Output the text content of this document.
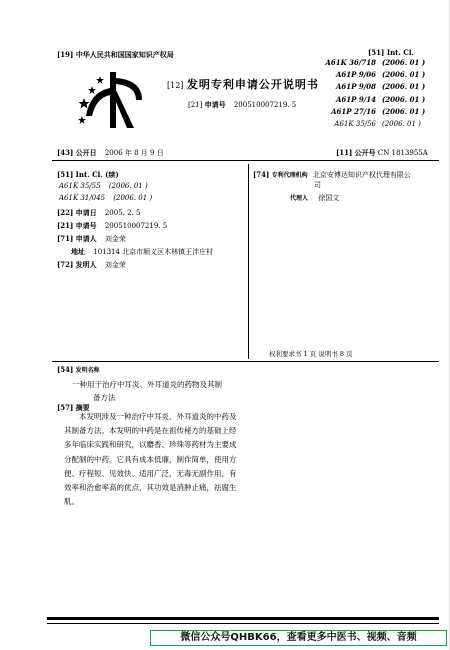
[19] 中华人民共和国国家知识产权局	[51] Int. Cl.
[12] 发明专利申请公开说明书
[21] 申请号 200510007219. 5
A61K 36/718 (2006. 01 )
A61P 9/06 (2006. 01 )
A61P 9/08 (2006. 01 )
A61P 9/14 (2006. 01 )
A61P 27/16 (2006. 01 )
A61K 35/56 (2006. 01 )
[43] 公开日 2006 年 8 月 9 日	[11] 公开号 CN 1813955A
[51] Int. Cl. (续)
A61K 35/55 (2006. 01 )
A61K 31/045 (2006. 01 )
[22] 申请日 2005. 2. 5
[21] 申请号 200510007219. 5
[71] 申请人 刘金荣
地址 101314 北京市顺义区木林镇王泮庄村
[72] 发明人 刘金荣
[74] 专利代理机构 北京安博达知识产权代理有限公
司
代理人 徐国文
权利要求书 1 页 说明书 8 页
[54] 发明名称
一种用于治疗中耳炎、外耳道炎的药物及其制
备方法
[57] 摘要
本发明涉及一种治疗中耳炎、外耳道炎的中药及其制备方法。本发明的中药是在祖传秘方的基础上经多年临床实践和研究，以麝香、珍珠等药材为主要成分配制的中药，它具有成本低廉，制作简单，使用方便、疗程短、见效快、适用广泛、无毒无副作用，有效率和治愈率高的优点，其功效是消肿止痛，祛腐生肌。
微信公众号QHBK66，查看更多中医书、视频、音频
